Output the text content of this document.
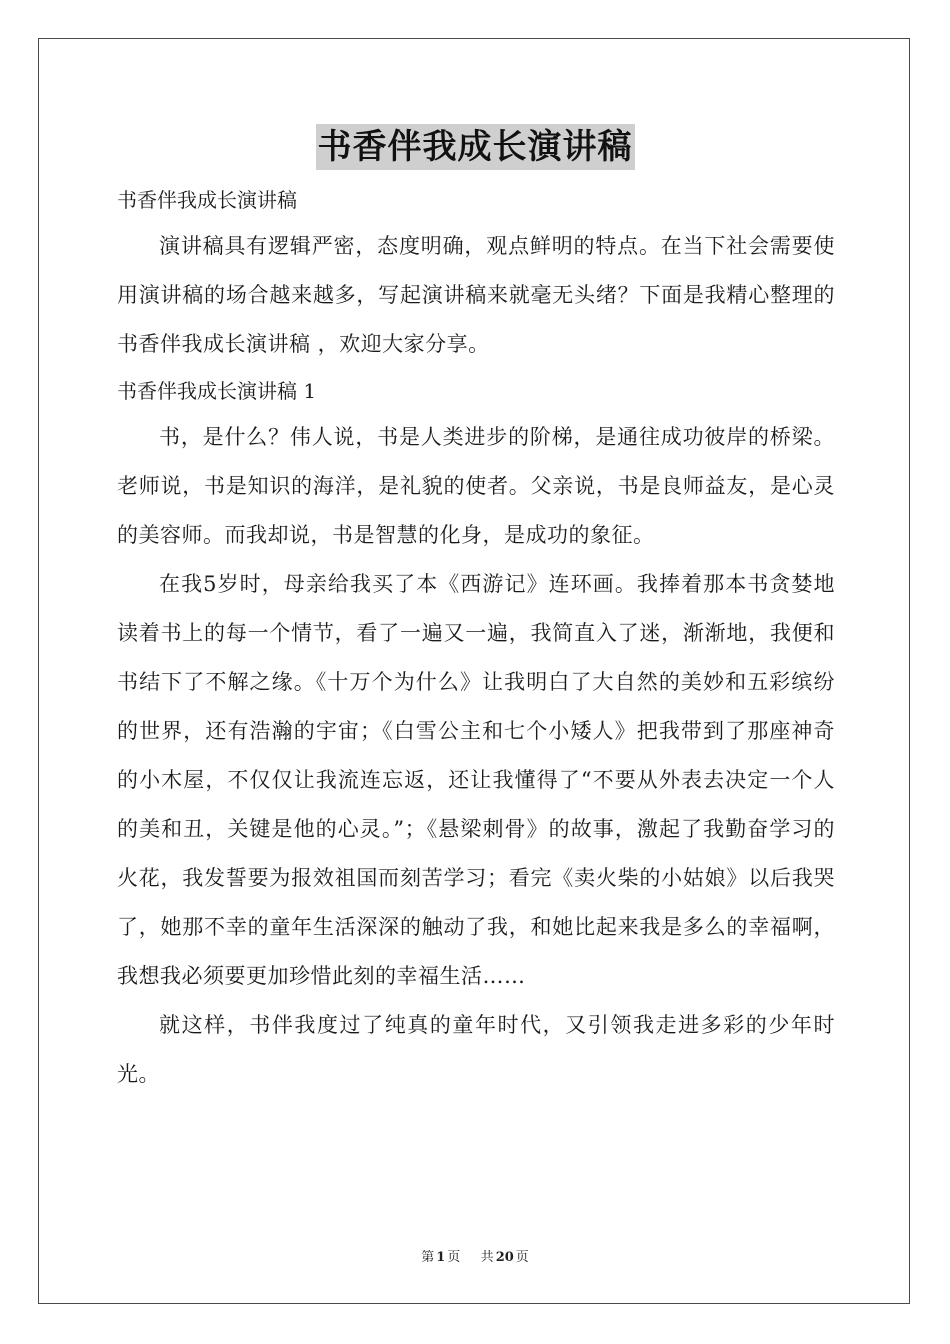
书香伴我成长演讲稿

书香伴我成长演讲稿

演讲稿具有逻辑严密，态度明确，观点鲜明的特点。在当下社会需要使用演讲稿的场合越来越多，写起演讲稿来就毫无头绪？下面是我精心整理的书香伴我成长演讲稿 ，欢迎大家分享。

书香伴我成长演讲稿 1

书，是什么？伟人说，书是人类进步的阶梯，是通往成功彼岸的桥梁。老师说，书是知识的海洋，是礼貌的使者。父亲说，书是良师益友，是心灵的美容师。而我却说，书是智慧的化身，是成功的象征。

在我5岁时，母亲给我买了本《西游记》连环画。我捧着那本书贪婪地读着书上的每一个情节，看了一遍又一遍，我简直入了迷，渐渐地，我便和书结下了不解之缘。《十万个为什么》让我明白了大自然的美妙和五彩缤纷的世界，还有浩瀚的宇宙；《白雪公主和七个小矮人》把我带到了那座神奇的小木屋，不仅仅让我流连忘返，还让我懂得了“不要从外表去决定一个人的美和丑，关键是他的心灵。”；《悬梁刺骨》的故事，激起了我勤奋学习的火花，我发誓要为报效祖国而刻苦学习；看完《卖火柴的小姑娘》以后我哭了，她那不幸的童年生活深深的触动了我，和她比起来我是多么的幸福啊，我想我必须要更加珍惜此刻的幸福生活……

就这样，书伴我度过了纯真的童年时代，又引领我走进多彩的少年时光。

第 1 页 共 20 页
